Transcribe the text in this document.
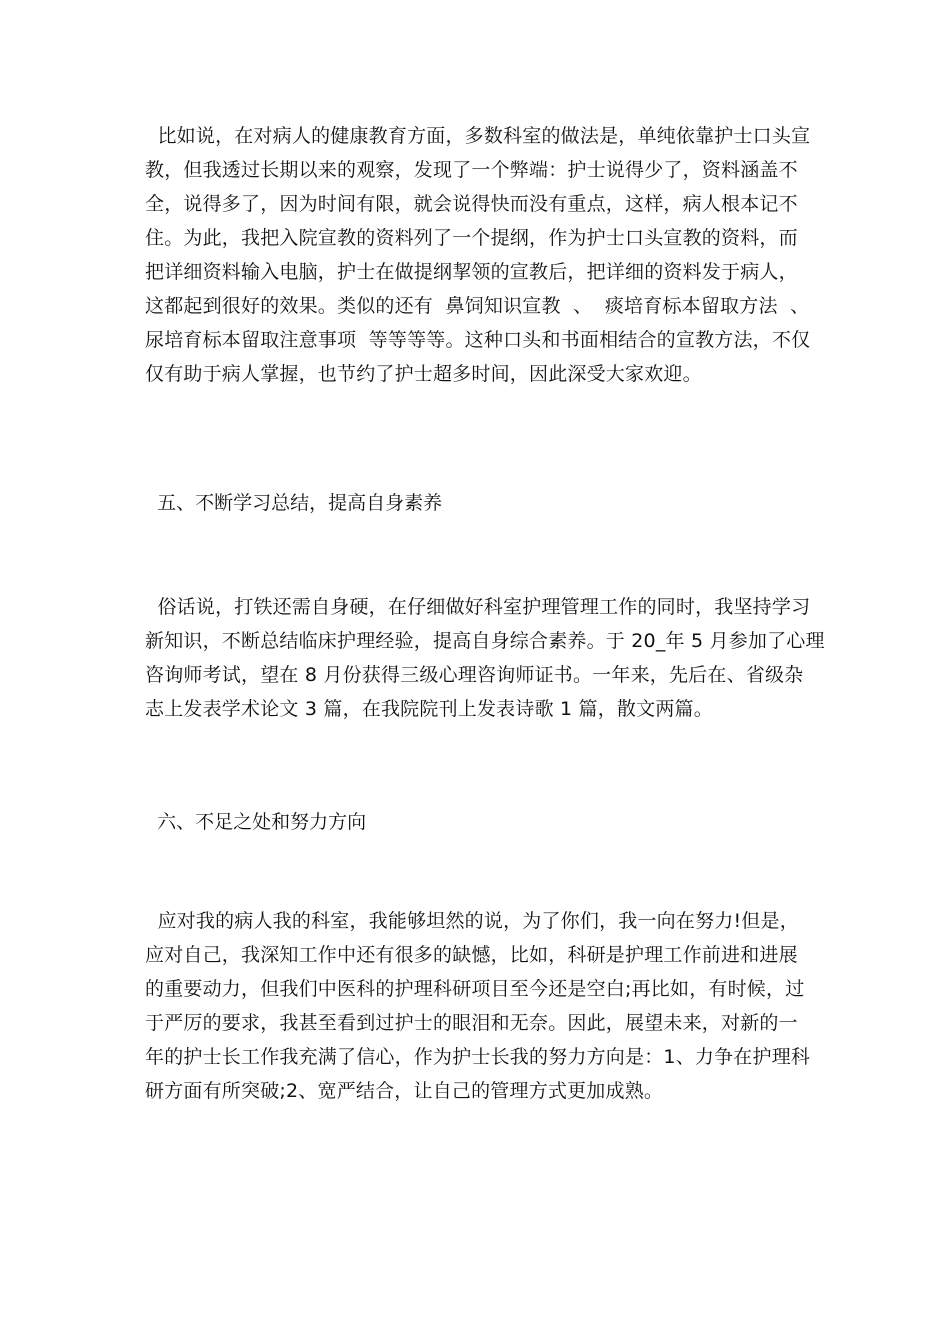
比如说，在对病人的健康教育方面，多数科室的做法是，单纯依靠护士口头宣
教，但我透过长期以来的观察，发现了一个弊端：护士说得少了，资料涵盖不
全，说得多了，因为时间有限，就会说得快而没有重点，这样，病人根本记不
住。为此，我把入院宣教的资料列了一个提纲，作为护士口头宣教的资料，而
把详细资料输入电脑，护士在做提纲挈领的宣教后，把详细的资料发于病人，
这都起到很好的效果。类似的还有  鼻饲知识宣教  、  痰培育标本留取方法  、
尿培育标本留取注意事项  等等等等。这种口头和书面相结合的宣教方法，不仅
仅有助于病人掌握，也节约了护士超多时间，因此深受大家欢迎。
五、不断学习总结，提高自身素养
俗话说，打铁还需自身硬，在仔细做好科室护理管理工作的同时，我坚持学习
新知识，不断总结临床护理经验，提高自身综合素养。于 20_年 5 月参加了心理
咨询师考试，望在 8 月份获得三级心理咨询师证书。一年来，先后在、省级杂
志上发表学术论文 3 篇，在我院院刊上发表诗歌 1 篇，散文两篇。
六、不足之处和努力方向
应对我的病人我的科室，我能够坦然的说，为了你们，我一向在努力!但是，
应对自己，我深知工作中还有很多的缺憾，比如，科研是护理工作前进和进展
的重要动力，但我们中医科的护理科研项目至今还是空白;再比如，有时候，过
于严厉的要求，我甚至看到过护士的眼泪和无奈。因此，展望未来，对新的一
年的护士长工作我充满了信心，作为护士长我的努力方向是：1、力争在护理科
研方面有所突破;2、宽严结合，让自己的管理方式更加成熟。
